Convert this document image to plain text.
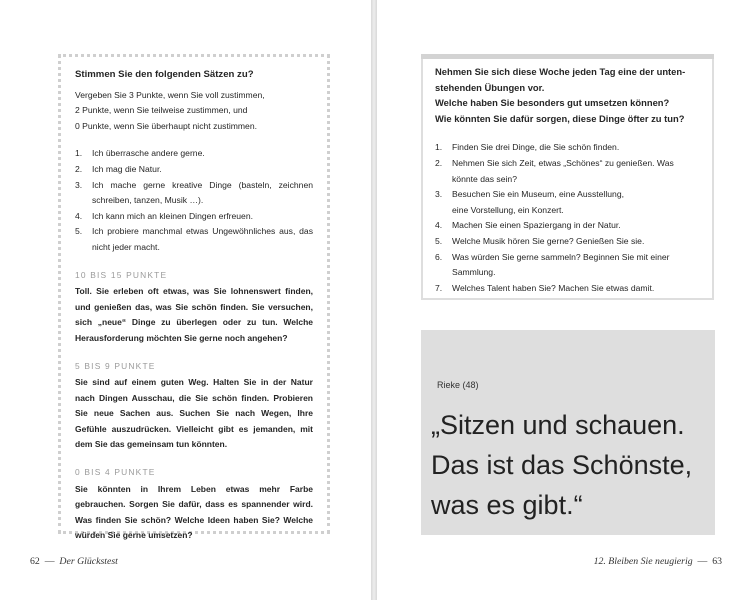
Stimmen Sie den folgenden Sätzen zu?

Vergeben Sie 3 Punkte, wenn Sie voll zustimmen,

2 Punkte, wenn Sie teilweise zustimmen, und

0 Punkte, wenn Sie überhaupt nicht zustimmen.

1. Ich überrasche andere gerne.
2. Ich mag die Natur.
3. Ich mache gerne kreative Dinge (basteln, zeichnen schreiben, tanzen, Musik …).
4. Ich kann mich an kleinen Dingen erfreuen.
5. Ich probiere manchmal etwas Ungewöhnliches aus, das nicht jeder macht.

10 BIS 15 PUNKTE

Toll. Sie erleben oft etwas, was Sie lohnenswert finden, und genießen das, was Sie schön finden. Sie versuchen, sich „neue“ Dinge zu überlegen oder zu tun. Welche Herausforderung möchten Sie gerne noch angehen?

5 BIS 9 PUNKTE

Sie sind auf einem guten Weg. Halten Sie in der Natur nach Dingen Ausschau, die Sie schön finden. Probieren Sie neue Sachen aus. Suchen Sie nach Wegen, Ihre Gefühle auszudrücken. Vielleicht gibt es jemanden, mit dem Sie das gemeinsam tun könnten.

0 BIS 4 PUNKTE

Sie könnten in Ihrem Leben etwas mehr Farbe gebrauchen. Sorgen Sie dafür, dass es spannender wird. Was finden Sie schön? Welche Ideen haben Sie? Welche würden Sie gerne umsetzen?

62 — Der Glückstest

Nehmen Sie sich diese Woche jeden Tag eine der unten-

stehenden Übungen vor.

Welche haben Sie besonders gut umsetzen können?

Wie könnten Sie dafür sorgen, diese Dinge öfter zu tun?

1. Finden Sie drei Dinge, die Sie schön finden.
2. Nehmen Sie sich Zeit, etwas „Schönes“ zu genießen. Was
könnte das sein?
3. Besuchen Sie ein Museum, eine Ausstellung,
eine Vorstellung, ein Konzert.
4. Machen Sie einen Spaziergang in der Natur.
5. Welche Musik hören Sie gerne? Genießen Sie sie.
6. Was würden Sie gerne sammeln? Beginnen Sie mit einer
Sammlung.
7. Welches Talent haben Sie? Machen Sie etwas damit.
Rieke (48)

„Sitzen und schauen.
Das ist das Schönste,
was es gibt.“

12. Bleiben Sie neugierig — 63
